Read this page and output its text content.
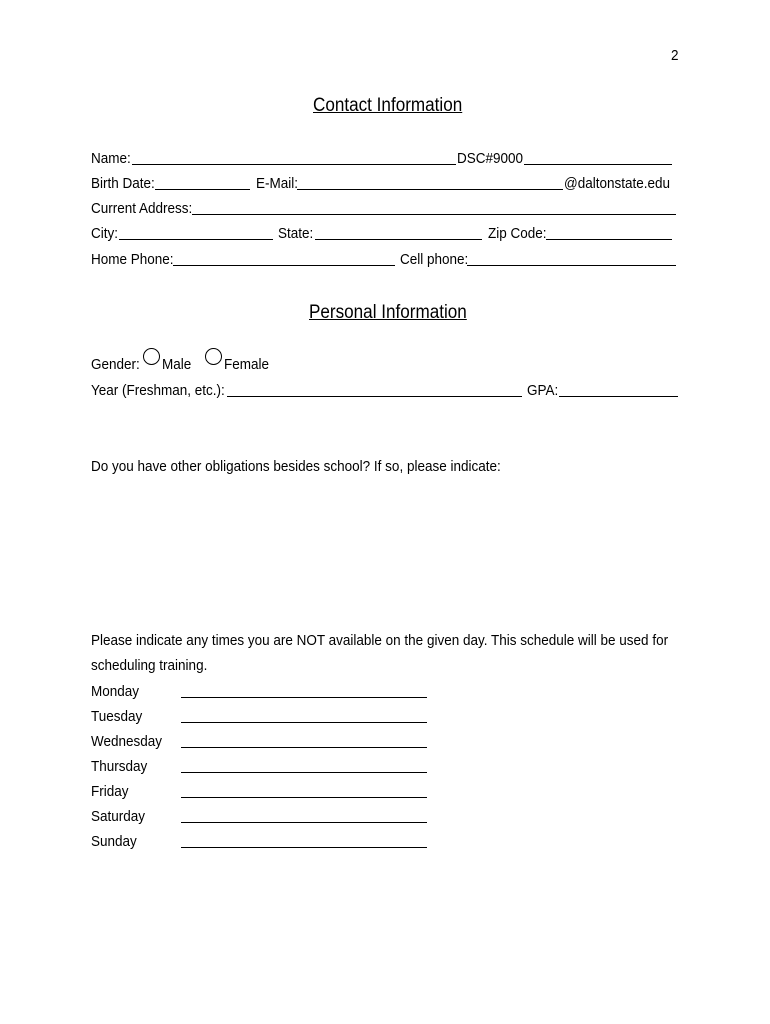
2
Contact Information
Name:	DSC#9000
Birth Date:	E-Mail:	@daltonstate.edu
Current Address:
City:	State:	Zip Code:
Home Phone:	Cell phone:
Personal Information
Gender: Male Female
Year (Freshman, etc.):	GPA:
Do you have other obligations besides school? If so, please indicate:
Please indicate any times you are NOT available on the given day. This schedule will be used for
scheduling training.
Monday
Tuesday
Wednesday
Thursday
Friday
Saturday
Sunday
